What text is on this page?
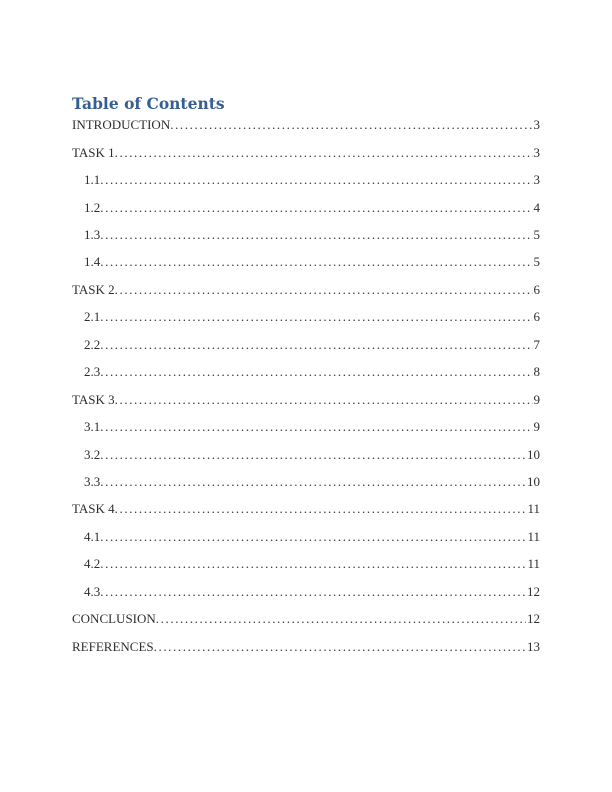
Table of Contents
INTRODUCTION .....	3
TASK 1 .....	3
1.1 .....	3
1.2 .....	4
1.3 .....	5
1.4 .....	5
TASK 2 .....	6
2.1 .....	6
2.2 .....	7
2.3 .....	8
TASK 3 .....	9
3.1 .....	9
3.2 .....	10
3.3 .....	10
TASK 4 .....	11
4.1 .....	11
4.2 .....	11
4.3 .....	12
CONCLUSION .....	12
REFERENCES .....	13
